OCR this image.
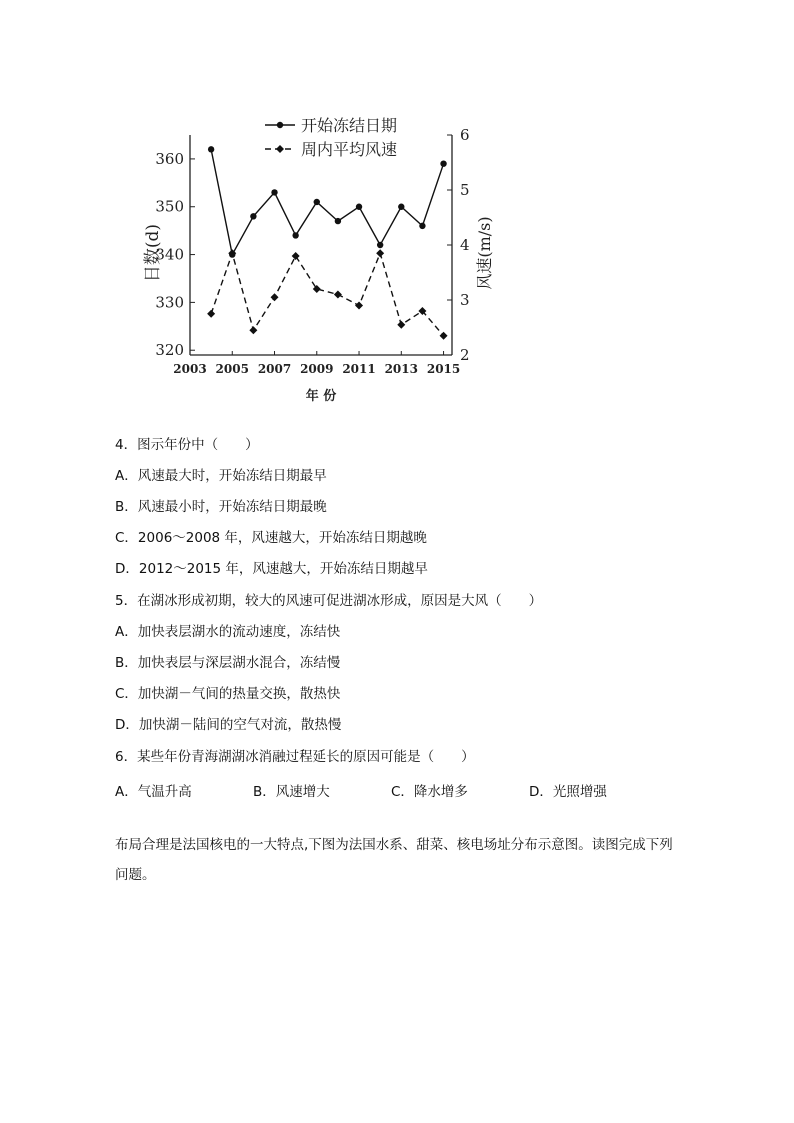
320
330
340
350
360
2
3
4
5
6
2003 2005 2007 2009 2011 2013 2015
年 份
日数(d)	风速(m/s)
开始冻结日期
周内平均风速
4．图示年份中（　　）
A．风速最大时，开始冻结日期最早
B．风速最小时，开始冻结日期最晚
C．2006～2008 年，风速越大，开始冻结日期越晚
D．2012～2015 年，风速越大，开始冻结日期越早
5．在湖冰形成初期，较大的风速可促进湖冰形成，原因是大风（　　）
A．加快表层湖水的流动速度，冻结快
B．加快表层与深层湖水混合，冻结慢
C．加快湖－气间的热量交换，散热快
D．加快湖－陆间的空气对流，散热慢
6．某些年份青海湖湖冰消融过程延长的原因可能是（　　）
A．气温升高	B．风速增大	C．降水增多	D．光照增强
布局合理是法国核电的一大特点,下图为法国水系、甜菜、核电场址分布示意图。读图完成下列问题。
